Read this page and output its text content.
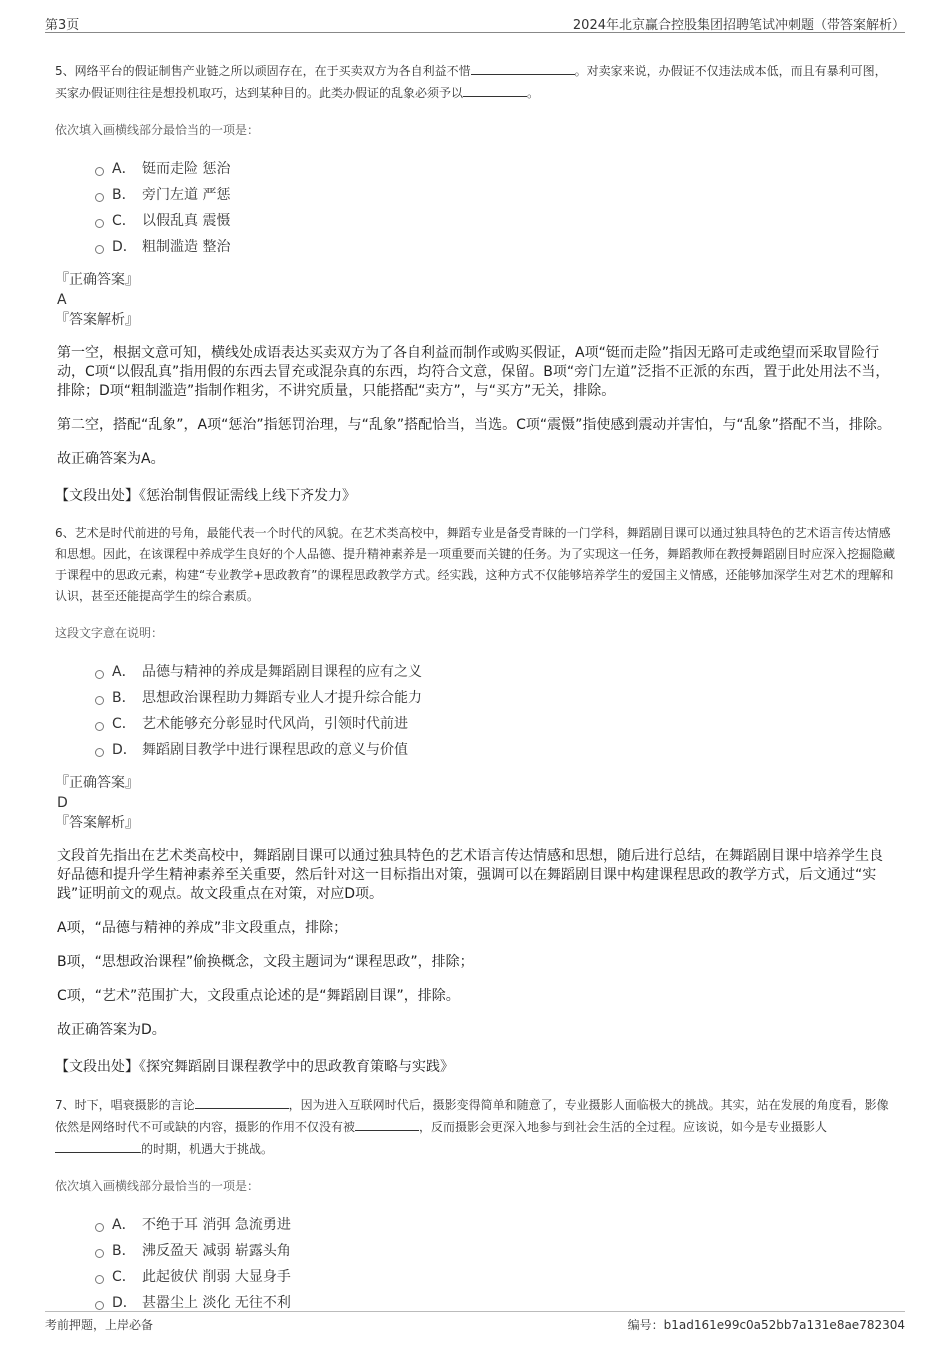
第3页	2024年北京赢合控股集团招聘笔试冲刺题（带答案解析）

5、网络平台的假证制售产业链之所以顽固存在，在于买卖双方为各自利益不惜	。对卖家来说，办假证不仅违法成本低，而且有暴利可图，买家办假证则往往是想投机取巧，达到某种目的。此类办假证的乱象必须予以	。

依次填入画横线部分最恰当的一项是：
A． 铤而走险 惩治
B． 旁门左道 严惩
C． 以假乱真 震慑
D． 粗制滥造 整治

『正确答案』

A

『答案解析』

第一空，根据文意可知，横线处成语表达买卖双方为了各自利益而制作或购买假证，A项“铤而走险”指因无路可走或绝望而采取冒险行动，C项“以假乱真”指用假的东西去冒充或混杂真的东西，均符合文意，保留。B项“旁门左道”泛指不正派的东西，置于此处用法不当，排除；D项“粗制滥造”指制作粗劣，不讲究质量，只能搭配“卖方”，与“买方”无关，排除。

第二空，搭配“乱象”，A项“惩治”指惩罚治理，与“乱象”搭配恰当，当选。C项“震慑”指使感到震动并害怕，与“乱象”搭配不当，排除。

故正确答案为A。

【文段出处】《惩治制售假证需线上线下齐发力》

6、艺术是时代前进的号角，最能代表一个时代的风貌。在艺术类高校中，舞蹈专业是备受青睐的一门学科，舞蹈剧目课可以通过独具特色的艺术语言传达情感和思想。因此，在该课程中养成学生良好的个人品德、提升精神素养是一项重要而关键的任务。为了实现这一任务，舞蹈教师在教授舞蹈剧目时应深入挖掘隐藏于课程中的思政元素，构建“专业教学+思政教育”的课程思政教学方式。经实践，这种方式不仅能够培养学生的爱国主义情感，还能够加深学生对艺术的理解和认识，甚至还能提高学生的综合素质。

这段文字意在说明：
A． 品德与精神的养成是舞蹈剧目课程的应有之义
B． 思想政治课程助力舞蹈专业人才提升综合能力
C． 艺术能够充分彰显时代风尚，引领时代前进
D． 舞蹈剧目教学中进行课程思政的意义与价值

『正确答案』

D

『答案解析』

文段首先指出在艺术类高校中，舞蹈剧目课可以通过独具特色的艺术语言传达情感和思想，随后进行总结，在舞蹈剧目课中培养学生良好品德和提升学生精神素养至关重要，然后针对这一目标指出对策，强调可以在舞蹈剧目课中构建课程思政的教学方式，后文通过“实践”证明前文的观点。故文段重点在对策，对应D项。

A项，“品德与精神的养成”非文段重点，排除；

B项，“思想政治课程”偷换概念，文段主题词为“课程思政”，排除；

C项，“艺术”范围扩大，文段重点论述的是“舞蹈剧目课”，排除。

故正确答案为D。

【文段出处】《探究舞蹈剧目课程教学中的思政教育策略与实践》

7、时下，唱衰摄影的言论	，因为进入互联网时代后，摄影变得简单和随意了，专业摄影人面临极大的挑战。其实，站在发展的角度看，影像依然是网络时代不可或缺的内容，摄影的作用不仅没有被	，反而摄影会更深入地参与到社会生活的全过程。应该说，如今是专业摄影人的时期，机遇大于挑战。

依次填入画横线部分最恰当的一项是：
A． 不绝于耳 消弭 急流勇进
B． 沸反盈天 减弱 崭露头角
C． 此起彼伏 削弱 大显身手
D． 甚嚣尘上 淡化 无往不利
考前押题，上岸必备	编号：b1ad161e99c0a52bb7a131e8ae782304
